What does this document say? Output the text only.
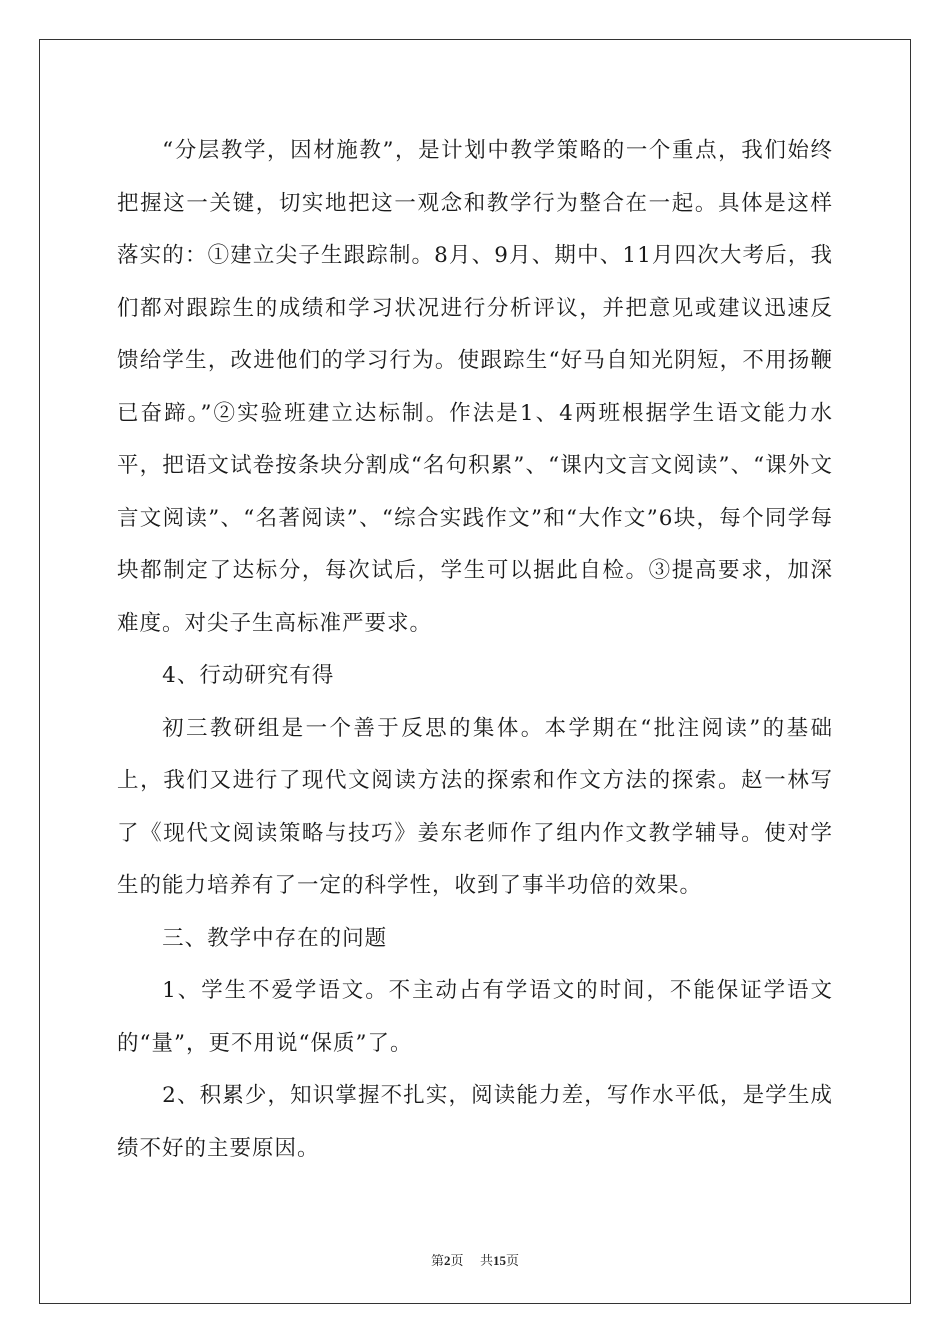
“分层教学，因材施教”，是计划中教学策略的一个重点，我们始终把握这一关键，切实地把这一观念和教学行为整合在一起。具体是这样落实的：①建立尖子生跟踪制。8月、9月、期中、11月四次大考后，我们都对跟踪生的成绩和学习状况进行分析评议，并把意见或建议迅速反馈给学生，改进他们的学习行为。使跟踪生“好马自知光阴短，不用扬鞭已奋蹄。”②实验班建立达标制。作法是1、4两班根据学生语文能力水平，把语文试卷按条块分割成“名句积累”、“课内文言文阅读”、“课外文言文阅读”、“名著阅读”、“综合实践作文”和“大作文”6块，每个同学每块都制定了达标分，每次试后，学生可以据此自检。③提高要求，加深难度。对尖子生高标准严要求。

4、行动研究有得

初三教研组是一个善于反思的集体。本学期在“批注阅读”的基础上，我们又进行了现代文阅读方法的探索和作文方法的探索。赵一林写了《现代文阅读策略与技巧》姜东老师作了组内作文教学辅导。使对学生的能力培养有了一定的科学性，收到了事半功倍的效果。

三、教学中存在的问题

1、学生不爱学语文。不主动占有学语文的时间，不能保证学语文的“量”，更不用说“保质”了。

2、积累少，知识掌握不扎实，阅读能力差，写作水平低，是学生成绩不好的主要原因。

第2页 共15页
